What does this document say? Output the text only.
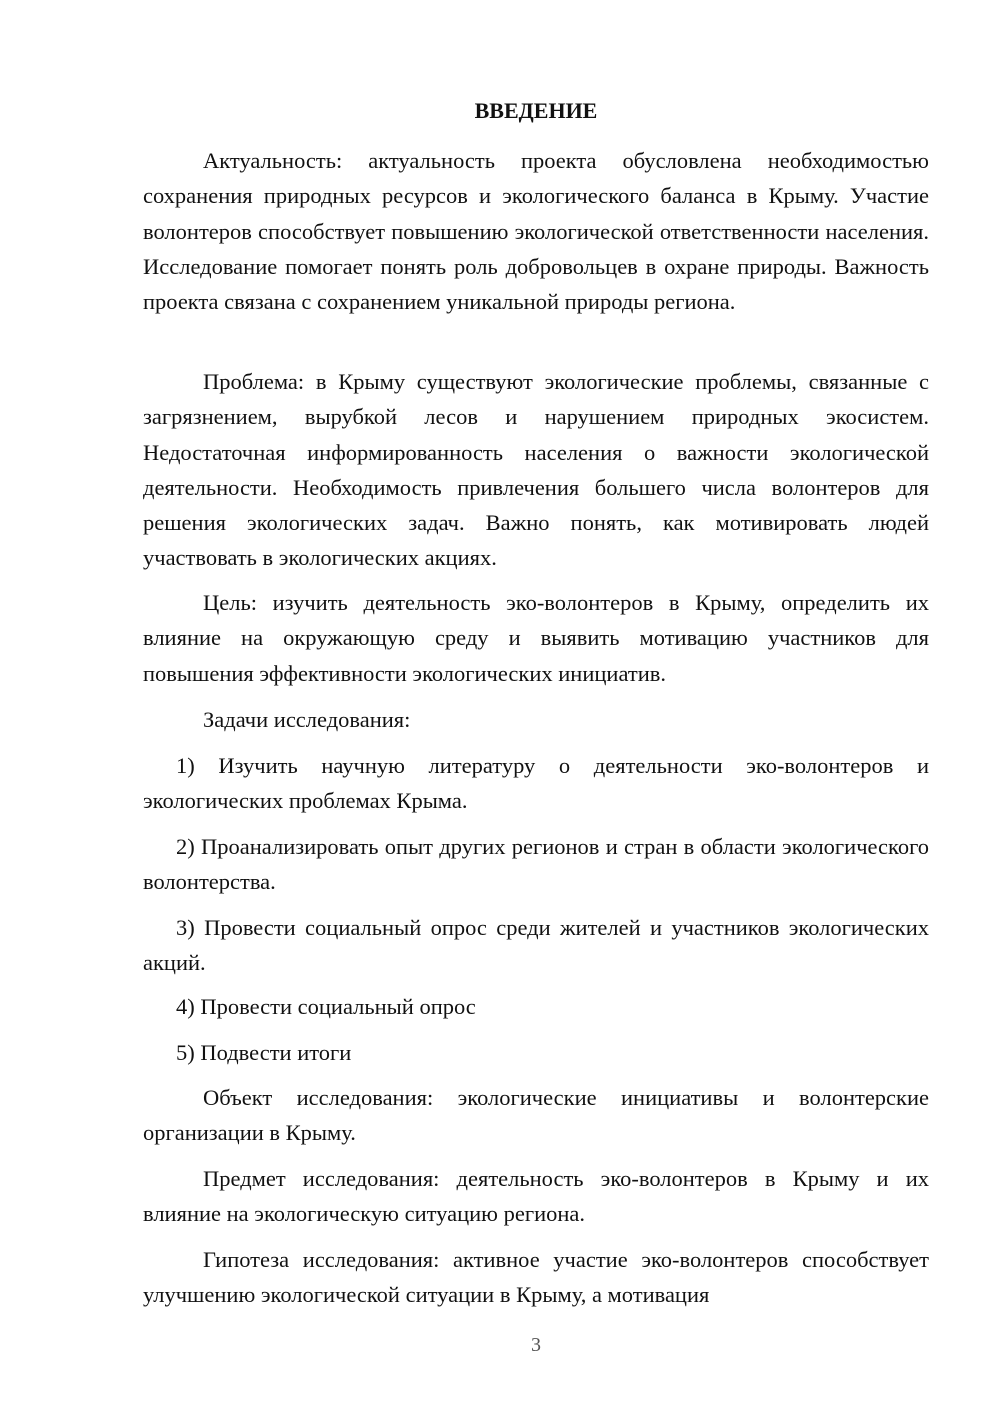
ВВЕДЕНИЕ

Актуальность: актуальность проекта обусловлена необходимостью сохранения природных ресурсов и экологического баланса в Крыму. Участие волонтеров способствует повышению экологической ответственности населения. Исследование помогает понять роль добровольцев в охране природы. Важность проекта связана с сохранением уникальной природы региона.

Проблема: в Крыму существуют экологические проблемы, связанные с загрязнением, вырубкой лесов и нарушением природных экосистем. Недостаточная информированность населения о важности экологической деятельности. Необходимость привлечения большего числа волонтеров для решения экологических задач. Важно понять, как мотивировать людей участвовать в экологических акциях.

Цель: изучить деятельность эко-волонтеров в Крыму, определить их влияние на окружающую среду и выявить мотивацию участников для повышения эффективности экологических инициатив.

Задачи исследования:

1) Изучить научную литературу о деятельности эко-волонтеров и экологических проблемах Крыма.

2) Проанализировать опыт других регионов и стран в области экологического волонтерства.

3) Провести социальный опрос среди жителей и участников экологических акций.

4) Провести социальный опрос

5) Подвести итоги

Объект исследования: экологические инициативы и волонтерские организации в Крыму.

Предмет исследования: деятельность эко-волонтеров в Крыму и их влияние на экологическую ситуацию региона.

Гипотеза исследования: активное участие эко-волонтеров способствует улучшению экологической ситуации в Крыму, а мотивация

3
